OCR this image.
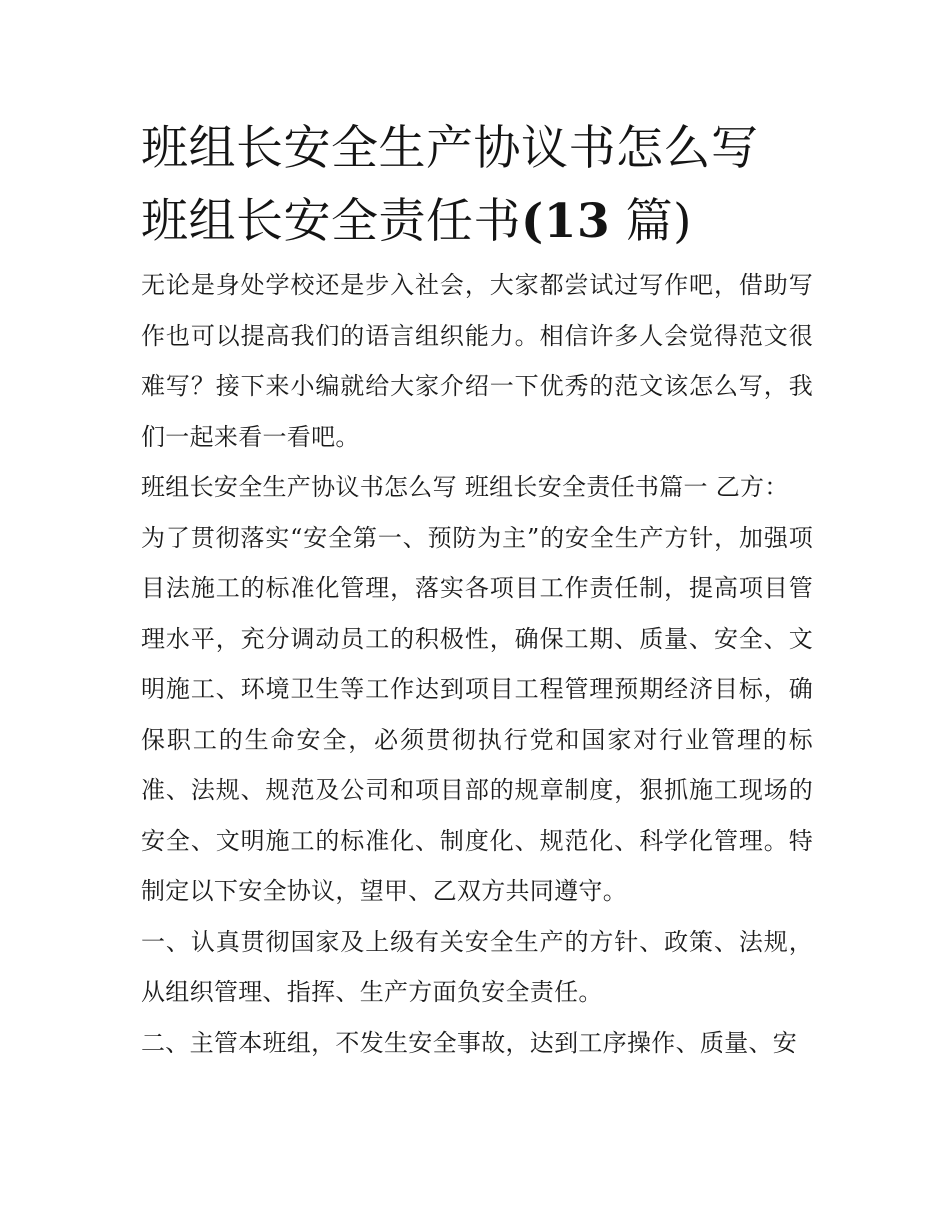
班组长安全生产协议书怎么写
班组长安全责任书(13 篇)

无论是身处学校还是步入社会，大家都尝试过写作吧，借助写作也可以提高我们的语言组织能力。相信许多人会觉得范文很难写？接下来小编就给大家介绍一下优秀的范文该怎么写，我们一起来看一看吧。

班组长安全生产协议书怎么写 班组长安全责任书篇一 乙方：

为了贯彻落实“安全第一、预防为主”的安全生产方针，加强项目法施工的标准化管理，落实各项目工作责任制，提高项目管理水平，充分调动员工的积极性，确保工期、质量、安全、文明施工、环境卫生等工作达到项目工程管理预期经济目标，确保职工的生命安全，必须贯彻执行党和国家对行业管理的标准、法规、规范及公司和项目部的规章制度，狠抓施工现场的安全、文明施工的标准化、制度化、规范化、科学化管理。特制定以下安全协议，望甲、乙双方共同遵守。

一、认真贯彻国家及上级有关安全生产的方针、政策、法规，从组织管理、指挥、生产方面负安全责任。

二、主管本班组，不发生安全事故，达到工序操作、质量、安
